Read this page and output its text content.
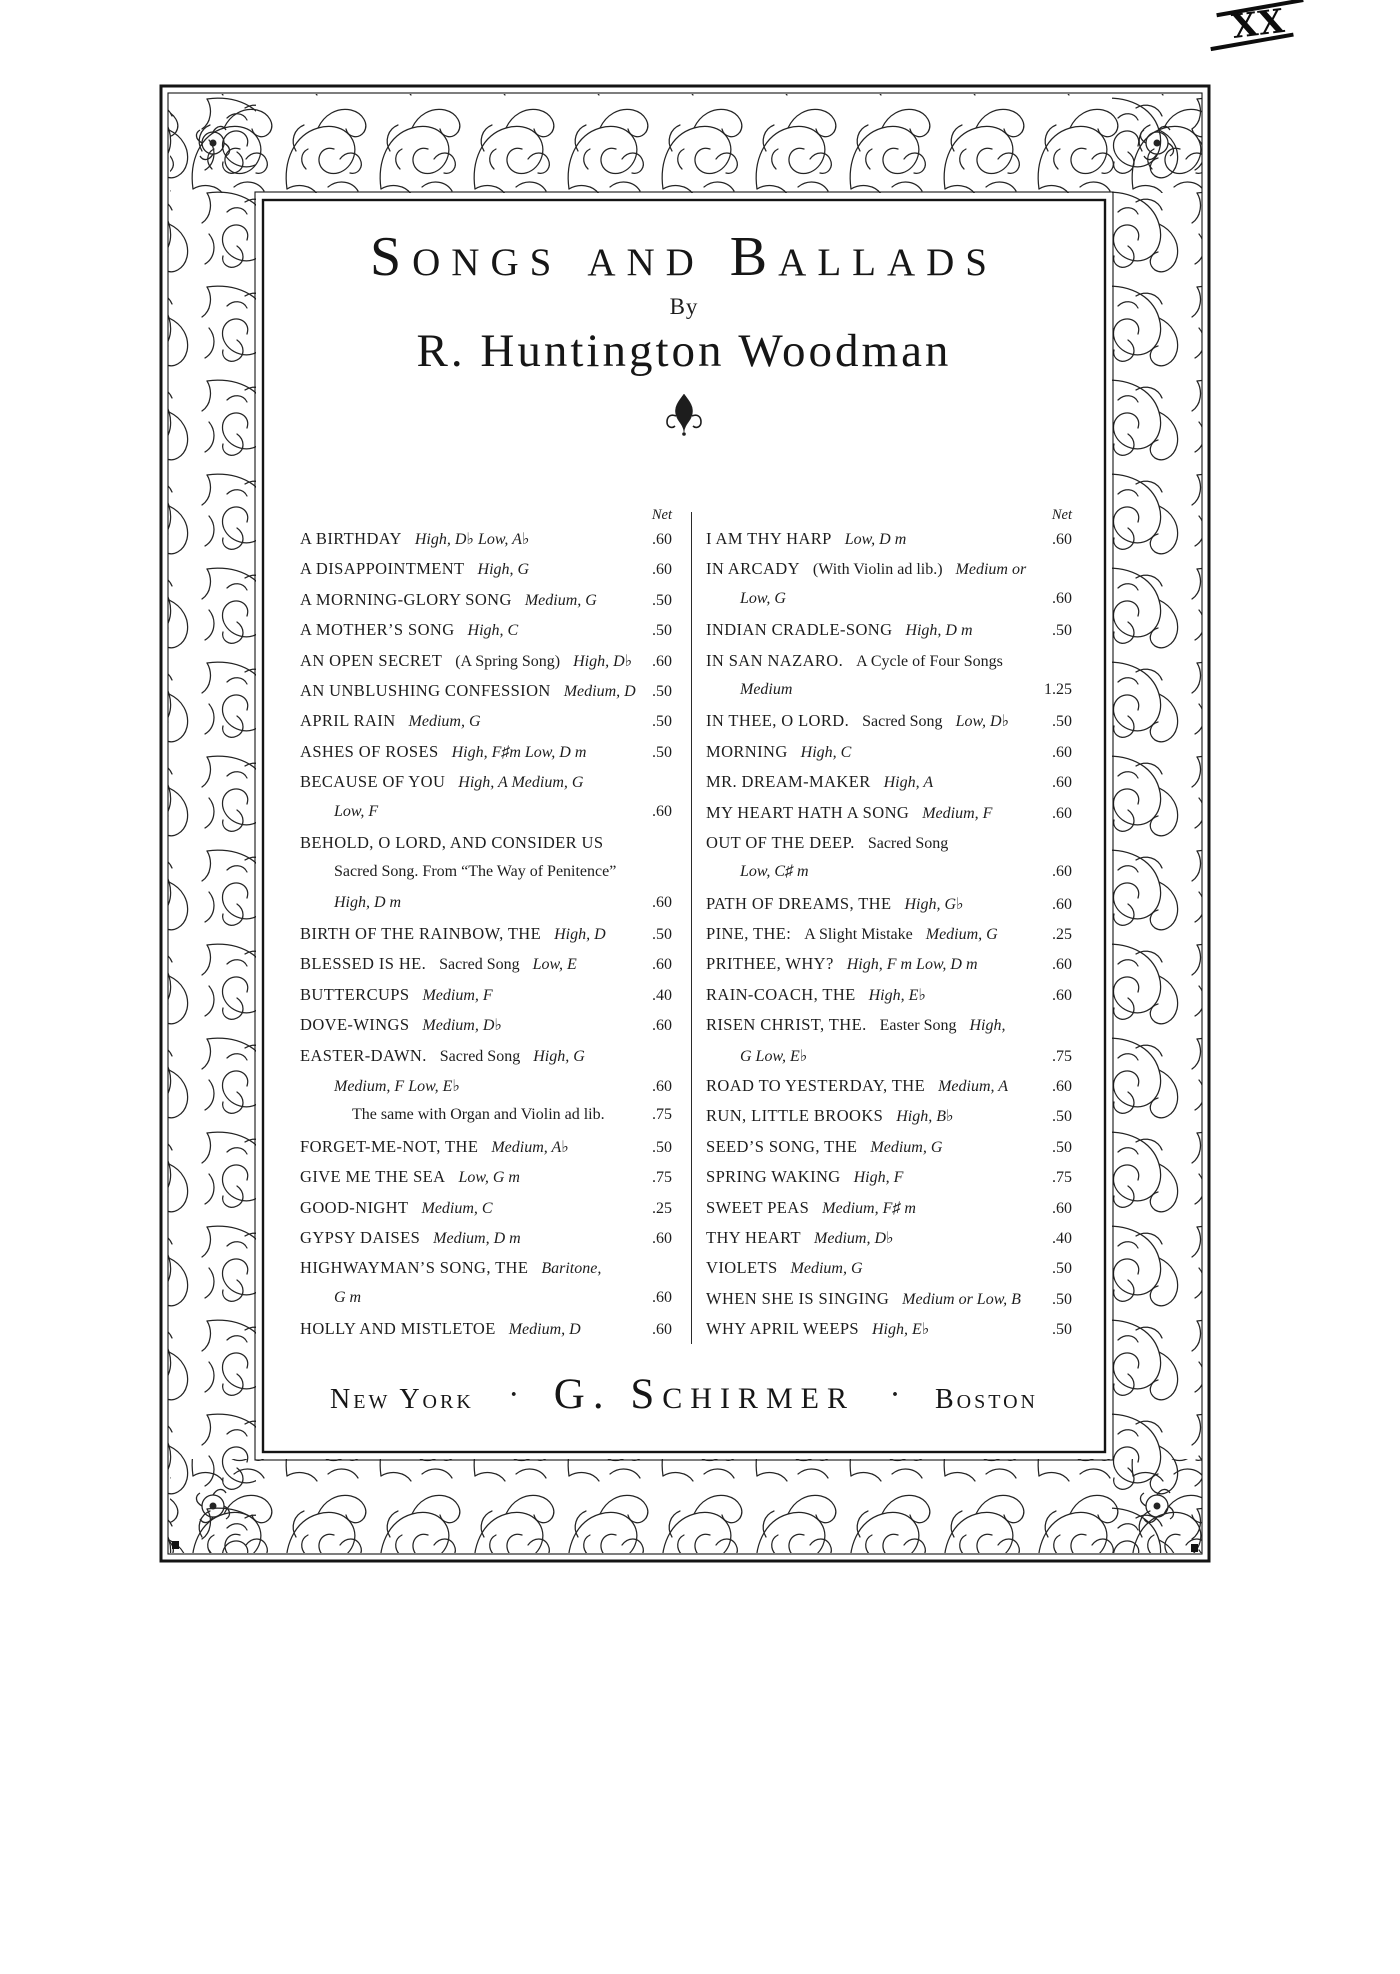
XX
Songs and Ballads
By
R. Huntington Woodman
Net
A BIRTHDAY High, D♭ Low, A♭	.60
A DISAPPOINTMENT High, G	.60
A MORNING-GLORY SONG Medium, G	.50
A MOTHER’S SONG High, C	.50
AN OPEN SECRET (A Spring Song) High, D♭	.60
AN UNBLUSHING CONFESSION Medium, D	.50
APRIL RAIN Medium, G	.50
ASHES OF ROSES High, F♯m Low, D m	.50
BECAUSE OF YOU High, A Medium, G
Low, F	.60
BEHOLD, O LORD, AND CONSIDER US
Sacred Song. From “The Way of Penitence”
High, D m	.60
BIRTH OF THE RAINBOW, THE High, D	.50
BLESSED IS HE. Sacred Song Low, E	.60
BUTTERCUPS Medium, F	.40
DOVE-WINGS Medium, D♭	.60
EASTER-DAWN. Sacred Song High, G
Medium, F Low, E♭	.60
The same with Organ and Violin ad lib.	.75
FORGET-ME-NOT, THE Medium, A♭	.50
GIVE ME THE SEA Low, G m	.75
GOOD-NIGHT Medium, C	.25
GYPSY DAISES Medium, D m	.60
HIGHWAYMAN’S SONG, THE Baritone,
G m	.60
HOLLY AND MISTLETOE Medium, D	.60
Net
I AM THY HARP Low, D m	.60
IN ARCADY (With Violin ad lib.) Medium or
Low, G	.60
INDIAN CRADLE-SONG High, D m	.50
IN SAN NAZARO. A Cycle of Four Songs
Medium	1.25
IN THEE, O LORD. Sacred Song Low, D♭	.50
MORNING High, C	.60
MR. DREAM-MAKER High, A	.60
MY HEART HATH A SONG Medium, F	.60
OUT OF THE DEEP. Sacred Song
Low, C♯ m	.60
PATH OF DREAMS, THE High, G♭	.60
PINE, THE: A Slight Mistake Medium, G	.25
PRITHEE, WHY? High, F m Low, D m	.60
RAIN-COACH, THE High, E♭	.60
RISEN CHRIST, THE. Easter Song High,
G Low, E♭	.75
ROAD TO YESTERDAY, THE Medium, A	.60
RUN, LITTLE BROOKS High, B♭	.50
SEED’S SONG, THE Medium, G	.50
SPRING WAKING High, F	.75
SWEET PEAS Medium, F♯ m	.60
THY HEART Medium, D♭	.40
VIOLETS Medium, G	.50
WHEN SHE IS SINGING Medium or Low, B	.50
WHY APRIL WEEPS High, E♭	.50
New York · G. Schirmer · Boston
